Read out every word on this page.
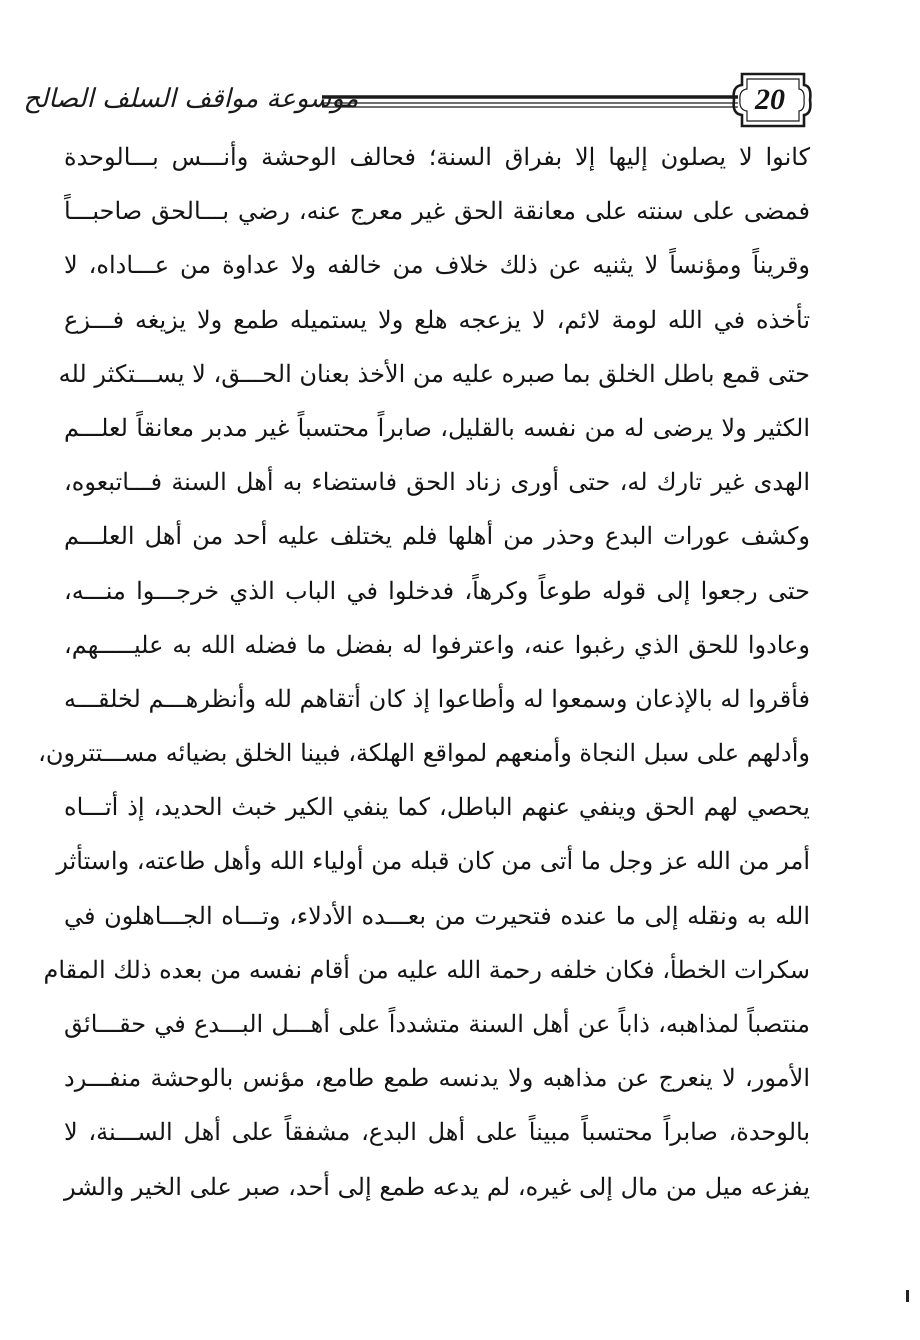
موسوعة مواقف السلف الصالح	20
كانوا لا يصلون إليها إلا بفراق السنة؛ فحالف الوحشة وأنـــس بـــالوحدة
فمضى على سنته على معانقة الحق غير معرج عنه، رضي بـــالحق صاحبـــاً
وقريناً ومؤنساً لا يثنيه عن ذلك خلاف من خالفه ولا عداوة من عـــاداه، لا
تأخذه في الله لومة لائم، لا يزعجه هلع ولا يستميله طمع ولا يزيغه فـــزع
حتى قمع باطل الخلق بما صبره عليه من الأخذ بعنان الحـــق، لا يســـتكثر لله
الكثير ولا يرضى له من نفسه بالقليل، صابراً محتسباً غير مدبر معانقاً لعلـــم
الهدى غير تارك له، حتى أورى زناد الحق فاستضاء به أهل السنة فـــاتبعوه،
وكشف عورات البدع وحذر من أهلها فلم يختلف عليه أحد من أهل العلـــم
حتى رجعوا إلى قوله طوعاً وكرهاً، فدخلوا في الباب الذي خرجـــوا منـــه،
وعادوا للحق الذي رغبوا عنه، واعترفوا له بفضل ما فضله الله به عليـــــهم،
فأقروا له بالإذعان وسمعوا له وأطاعوا إذ كان أتقاهم لله وأنظرهـــم لخلقـــه
وأدلهم على سبل النجاة وأمنعهم لمواقع الهلكة، فبينا الخلق بضيائه مســـتترون،
يحصي لهم الحق وينفي عنهم الباطل، كما ينفي الكير خبث الحديد، إذ أتـــاه
أمر من الله عز وجل ما أتى من كان قبله من أولياء الله وأهل طاعته، واستأثر
الله به ونقله إلى ما عنده فتحيرت من بعـــده الأدلاء، وتـــاه الجـــاهلون في
سكرات الخطأ، فكان خلفه رحمة الله عليه من أقام نفسه من بعده ذلك المقام
منتصباً لمذاهبه، ذاباً عن أهل السنة متشدداً على أهـــل البـــدع في حقـــائق
الأمور، لا ينعرج عن مذاهبه ولا يدنسه طمع طامع، مؤنس بالوحشة منفـــرد
بالوحدة، صابراً محتسباً مبيناً على أهل البدع، مشفقاً على أهل الســـنة، لا
يفزعه ميل من مال إلى غيره، لم يدعه طمع إلى أحد، صبر على الخير والشر
